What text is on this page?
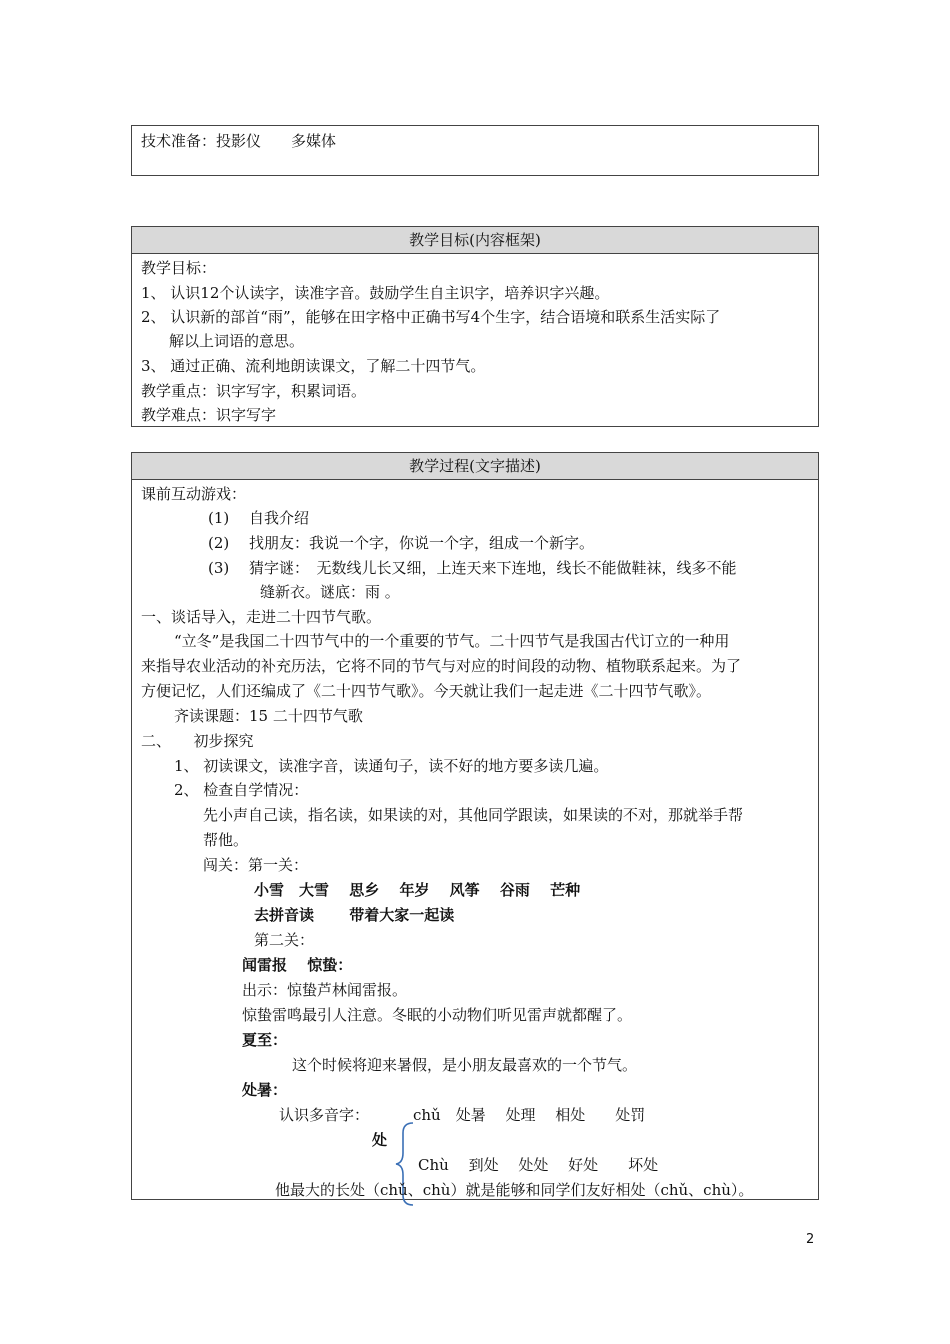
技术准备：投影仪　　多媒体
教学目标(内容框架)
教学目标：
1、 认识12个认读字，读准字音。鼓励学生自主识字，培养识字兴趣。
2、 认识新的部首“雨”，能够在田字格中正确书写4个生字，结合语境和联系生活实际了
解以上词语的意思。
3、 通过正确、流利地朗读课文，了解二十四节气。
教学重点：识字写字，积累词语。
教学难点：识字写字
教学过程(文字描述)
课前互动游戏：
(1)　 自我介绍
(2)　 找朋友：我说一个字，你说一个字，组成一个新字。
(3)　 猜字谜：　无数线儿长又细，上连天来下连地，线长不能做鞋袜，线多不能
缝新衣。谜底：雨 。
一、谈话导入，走进二十四节气歌。
“立冬”是我国二十四节气中的一个重要的节气。二十四节气是我国古代订立的一种用
来指导农业活动的补充历法，它将不同的节气与对应的时间段的动物、植物联系起来。为了
方便记忆，人们还编成了《二十四节气歌》。今天就让我们一起走进《二十四节气歌》。
齐读课题：15 二十四节气歌
二、　　初步探究
1、 初读课文，读准字音，读通句子，读不好的地方要多读几遍。
2、 检查自学情况：
先小声自己读，指名读，如果读的对，其他同学跟读，如果读的不对，那就举手帮
帮他。
闯关：第一关：
小雪　大雪　 思乡　 年岁　 风筝　 谷雨　 芒种
去拼音读　　 带着大家一起读
第二关：
闻雷报　 惊蛰：
出示：惊蛰芦林闻雷报。
惊蛰雷鸣最引人注意。冬眠的小动物们听见雷声就都醒了。
夏至：
这个时候将迎来暑假，是小朋友最喜欢的一个节气。
处暑：
认识多音字：	chǔ　处暑　 处理　 相处　　处罚
处
Chù　 到处　 处处　 好处　　坏处
他最大的长处（chǔ、chù）就是能够和同学们友好相处（chǔ、chù）。
2
